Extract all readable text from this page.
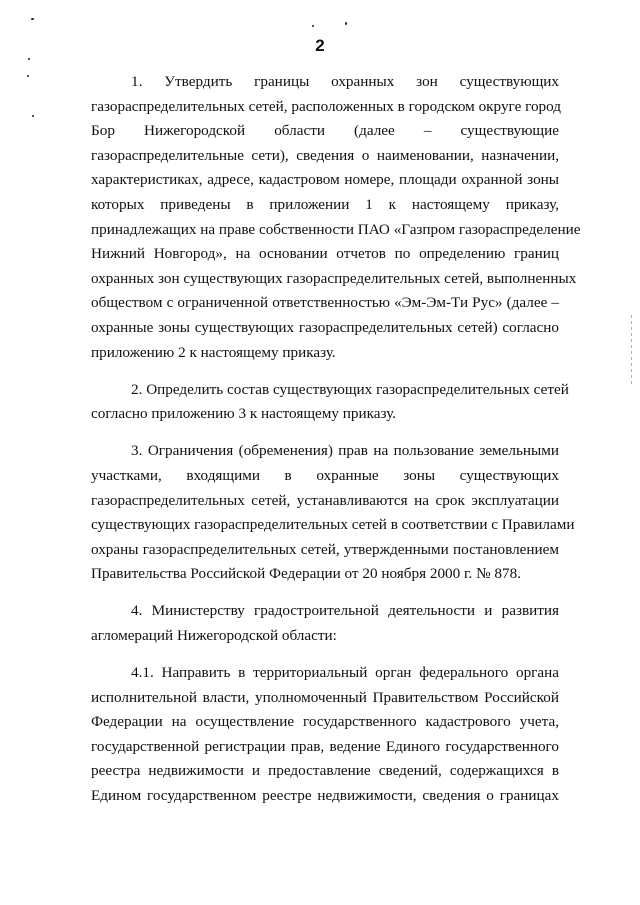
2
1. Утвердить границы охранных зон существующих
газораспределительных сетей, расположенных в городском округе город
Бор Нижегородской области (далее – существующие
газораспределительные сети), сведения о наименовании, назначении,
характеристиках, адресе, кадастровом номере, площади охранной зоны
которых приведены в приложении 1 к настоящему приказу,
принадлежащих на праве собственности ПАО «Газпром газораспределение
Нижний Новгород», на основании отчетов по определению границ
охранных зон существующих газораспределительных сетей, выполненных
обществом с ограниченной ответственностью «Эм-Эм-Ти Рус» (далее –
охранные зоны существующих газораспределительных сетей) согласно
приложению 2 к настоящему приказу.
2. Определить состав существующих газораспределительных сетей
согласно приложению 3 к настоящему приказу.
3. Ограничения (обременения) прав на пользование земельными
участками, входящими в охранные зоны существующих
газораспределительных сетей, устанавливаются на срок эксплуатации
существующих газораспределительных сетей в соответствии с Правилами
охраны газораспределительных сетей, утвержденными постановлением
Правительства Российской Федерации от 20 ноября 2000 г. № 878.
4. Министерству градостроительной деятельности и развития
агломераций Нижегородской области:
4.1. Направить в территориальный орган федерального органа
исполнительной власти, уполномоченный Правительством Российской
Федерации на осуществление государственного кадастрового учета,
государственной регистрации прав, ведение Единого государственного
реестра недвижимости и предоставление сведений, содержащихся в
Едином государственном реестре недвижимости, сведения о границах
